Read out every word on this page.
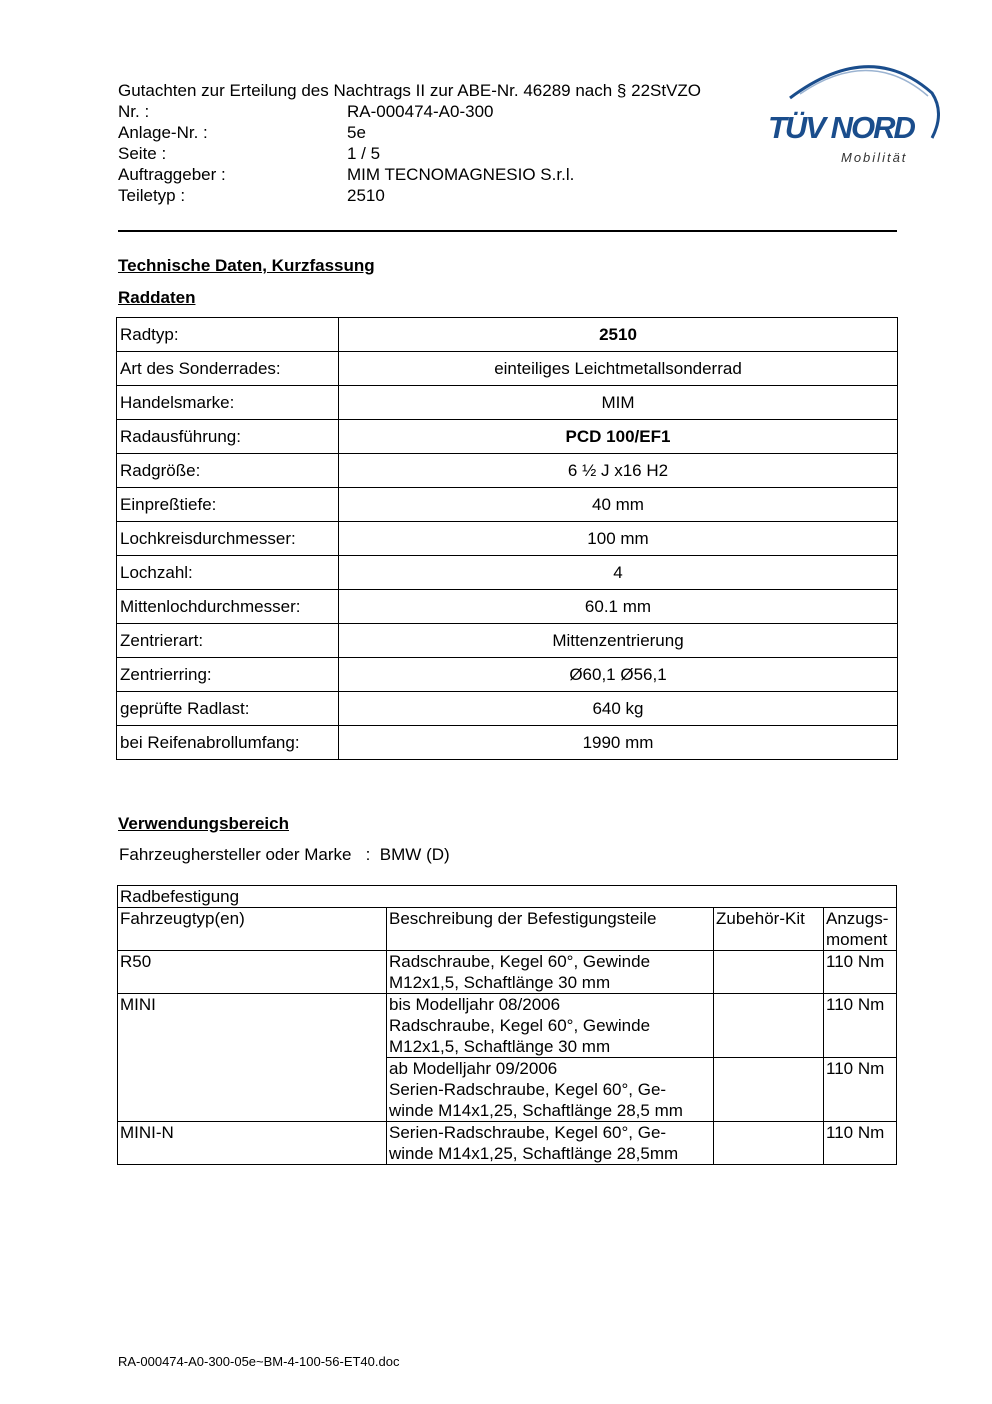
Gutachten zur Erteilung des Nachtrags II zur ABE-Nr. 46289 nach § 22StVZO
Nr. :	RA-000474-A0-300
Anlage-Nr. :	5e
Seite :	1 / 5
Auftraggeber :	MIM TECNOMAGNESIO S.r.l.
Teiletyp :	2510
TÜV NORD
Mobilität
Technische Daten, Kurzfassung
Raddaten
Radtyp:	2510
Art des Sonderrades:	einteiliges Leichtmetallsonderrad
Handelsmarke:	MIM
Radausführung:	PCD 100/EF1
Radgröße:	6 ½ J x16 H2
Einpreßtiefe:	40 mm
Lochkreisdurchmesser:	100 mm
Lochzahl:	4
Mittenlochdurchmesser:	60.1 mm
Zentrierart:	Mittenzentrierung
Zentrierring:	Ø60,1 Ø56,1
geprüfte Radlast:	640 kg
bei Reifenabrollumfang:	1990 mm
Verwendungsbereich
Fahrzeughersteller oder Marke   : BMW (D)
Radbefestigung			
Fahrzeugtyp(en)	Beschreibung der Befestigungsteile	Zubehör-Kit	Anzugs-
moment
R50	Radschraube, Kegel 60°, Gewinde
M12x1,5, Schaftlänge 30 mm		110 Nm
MINI	bis Modelljahr 08/2006
Radschraube, Kegel 60°, Gewinde
M12x1,5, Schaftlänge 30 mm		110 Nm
	ab Modelljahr 09/2006
Serien-Radschraube, Kegel 60°, Ge-
winde M14x1,25, Schaftlänge 28,5 mm		110 Nm
MINI-N	Serien-Radschraube, Kegel 60°, Ge-
winde M14x1,25, Schaftlänge 28,5mm		110 Nm
RA-000474-A0-300-05e~BM-4-100-56-ET40.doc
